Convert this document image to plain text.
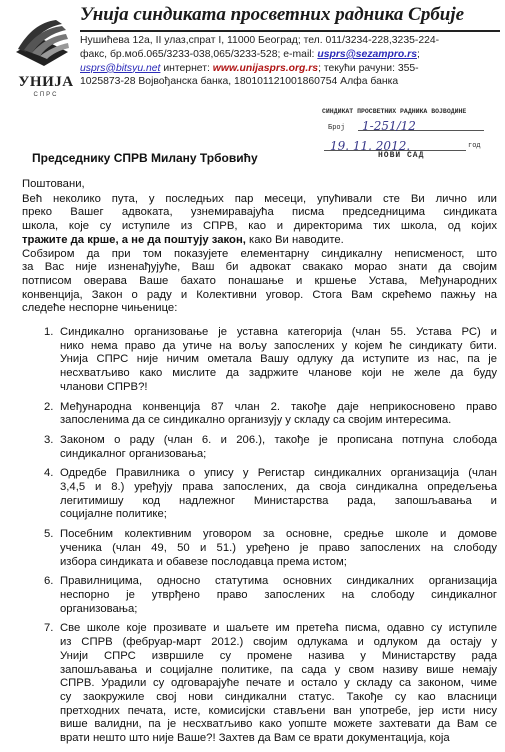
УНИЈА
СПРС
Унија синдиката просветних радника Србије
Нушићева 12а, II улаз,спрат I, 11000 Београд; тел. 011/3234-228,3235-224-
факс, бр.моб.065/3233-038,065/3233-528; e-mail: usprs@sezampro.rs;
usprs@bitsyu.net интернет: www.unijasprs.org.rs; текући рачуни: 355-
1025873-28 Војвођанска банка, 180101121001860754 Алфа банка
СИНДИКАТ ПРОСВЕТНИХ РАДНИКА ВОЈВОДИНЕ
Број 1-251/12
19. 11. 2012.	год
НОВИ САД
Председнику СПРВ Милану Трбовићу
Поштовани,
Већ неколико пута, у последњих пар месеци, упућивали сте Ви лично или
преко Вашег адвоката, узнемиравајућа писма председницима синдиката
школа, које су иступиле из СПРВ, као и директорима тих школа, од којих
тражите да крше, а не да поштују закон, како Ви наводите.
Собзиром да при том показујете елементарну синдикалну неписменост, што
за Вас није изненађујуће, Ваш би адвокат свакако морао знати да својим
потписом оверава Ваше бахато понашање и кршење Устава, Међународних
конвенција, Закон о раду и Колективни уговор. Стога Вам скрећемо пажњу на
следеће неспорне чињенице:
1. Синдикално организовање је уставна категорија (члан 55. Устава РС) и
нико нема право да утиче на вољу запослених у којем ће синдикату бити.
Унија СПРС није ничим ометала Вашу одлуку да иступите из нас, па је
несхватљиво како мислите да задржите чланове који не желе да буду
чланови СПРВ?!
2. Међународна конвенција 87 члан 2. такође даје неприкосновено право
запосленима да се синдикално организују у складу са својим интересима.
3. Законом о раду (члан 6. и 206.), такође је прописана потпуна слобода
синдикалног организовања;
4. Одредбе Правилника о упису у Регистар синдикалних организација (члан
3,4,5 и 8.) уређују права запослених, да своја синдикална опредељења
легитимишу код надлежног Министарства рада, запошљавања и
социјалне политике;
5. Посебним колективним уговором за основне, средње школе и домове
ученика (члан 49, 50 и 51.) уређено је право запослених на слободу
избора синдиката и обавезе послодавца према истом;
6. Правилницима, односно статутима основних синдикалних организација
неспорно је утврђено право запослених на слободу синдикалног
организовања;
7. Све школе које прозивате и шаљете им претећа писма, одавно су иступиле
из СПРВ (фебруар-март 2012.) својим одлукама и одлуком да остају у
Унији СПРС извршиле су промене назива у Министарству рада
запошљавања и социјалне политике, па сада у свом називу више немају
СПРВ. Урадили су одговарајуће печате и остало у складу са законом, чиме
су заокружиле свој нови синдикални статус. Такође су као власници
претходних печата, исте, комисијски стављени ван употребе, јер исти нису
више валидни, па је несхватљиво како уопште можете захтевати да Вам се
врати нешто што није Ваше?! Захтев да Вам се врати документација, која
